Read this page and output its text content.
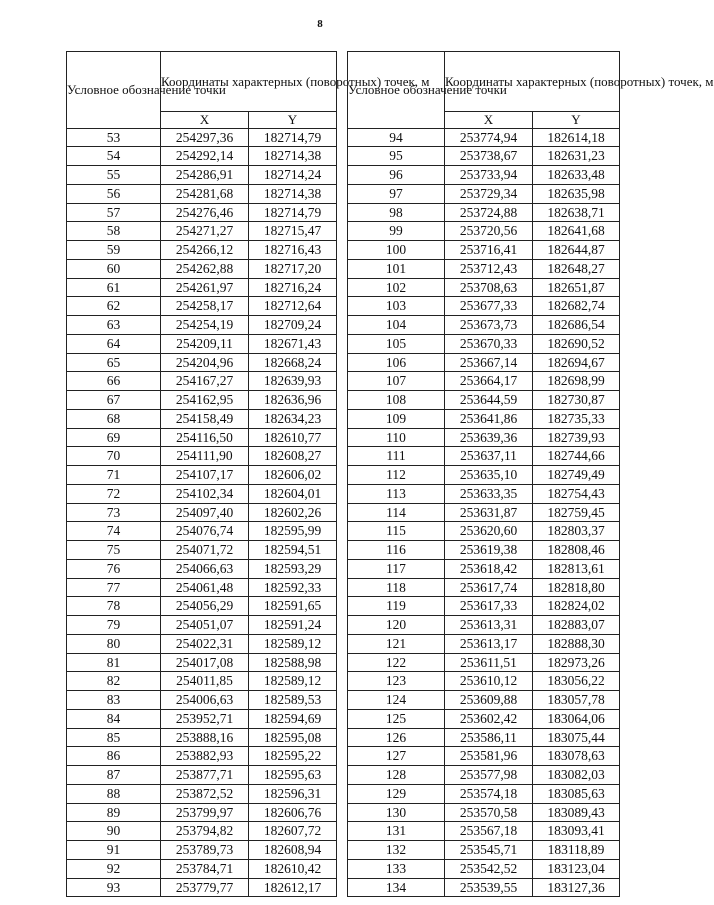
8
Условное обозначение точки	Координаты характерных (поворотных) точек, м	
	X	Y
53	254297,36	182714,79
54	254292,14	182714,38
55	254286,91	182714,24
56	254281,68	182714,38
57	254276,46	182714,79
58	254271,27	182715,47
59	254266,12	182716,43
60	254262,88	182717,20
61	254261,97	182716,24
62	254258,17	182712,64
63	254254,19	182709,24
64	254209,11	182671,43
65	254204,96	182668,24
66	254167,27	182639,93
67	254162,95	182636,96
68	254158,49	182634,23
69	254116,50	182610,77
70	254111,90	182608,27
71	254107,17	182606,02
72	254102,34	182604,01
73	254097,40	182602,26
74	254076,74	182595,99
75	254071,72	182594,51
76	254066,63	182593,29
77	254061,48	182592,33
78	254056,29	182591,65
79	254051,07	182591,24
80	254022,31	182589,12
81	254017,08	182588,98
82	254011,85	182589,12
83	254006,63	182589,53
84	253952,71	182594,69
85	253888,16	182595,08
86	253882,93	182595,22
87	253877,71	182595,63
88	253872,52	182596,31
89	253799,97	182606,76
90	253794,82	182607,72
91	253789,73	182608,94
92	253784,71	182610,42
93	253779,77	182612,17
Условное обозначение точки	Координаты характерных (поворотных) точек, м	
	X	Y
94	253774,94	182614,18
95	253738,67	182631,23
96	253733,94	182633,48
97	253729,34	182635,98
98	253724,88	182638,71
99	253720,56	182641,68
100	253716,41	182644,87
101	253712,43	182648,27
102	253708,63	182651,87
103	253677,33	182682,74
104	253673,73	182686,54
105	253670,33	182690,52
106	253667,14	182694,67
107	253664,17	182698,99
108	253644,59	182730,87
109	253641,86	182735,33
110	253639,36	182739,93
111	253637,11	182744,66
112	253635,10	182749,49
113	253633,35	182754,43
114	253631,87	182759,45
115	253620,60	182803,37
116	253619,38	182808,46
117	253618,42	182813,61
118	253617,74	182818,80
119	253617,33	182824,02
120	253613,31	182883,07
121	253613,17	182888,30
122	253611,51	182973,26
123	253610,12	183056,22
124	253609,88	183057,78
125	253602,42	183064,06
126	253586,11	183075,44
127	253581,96	183078,63
128	253577,98	183082,03
129	253574,18	183085,63
130	253570,58	183089,43
131	253567,18	183093,41
132	253545,71	183118,89
133	253542,52	183123,04
134	253539,55	183127,36
